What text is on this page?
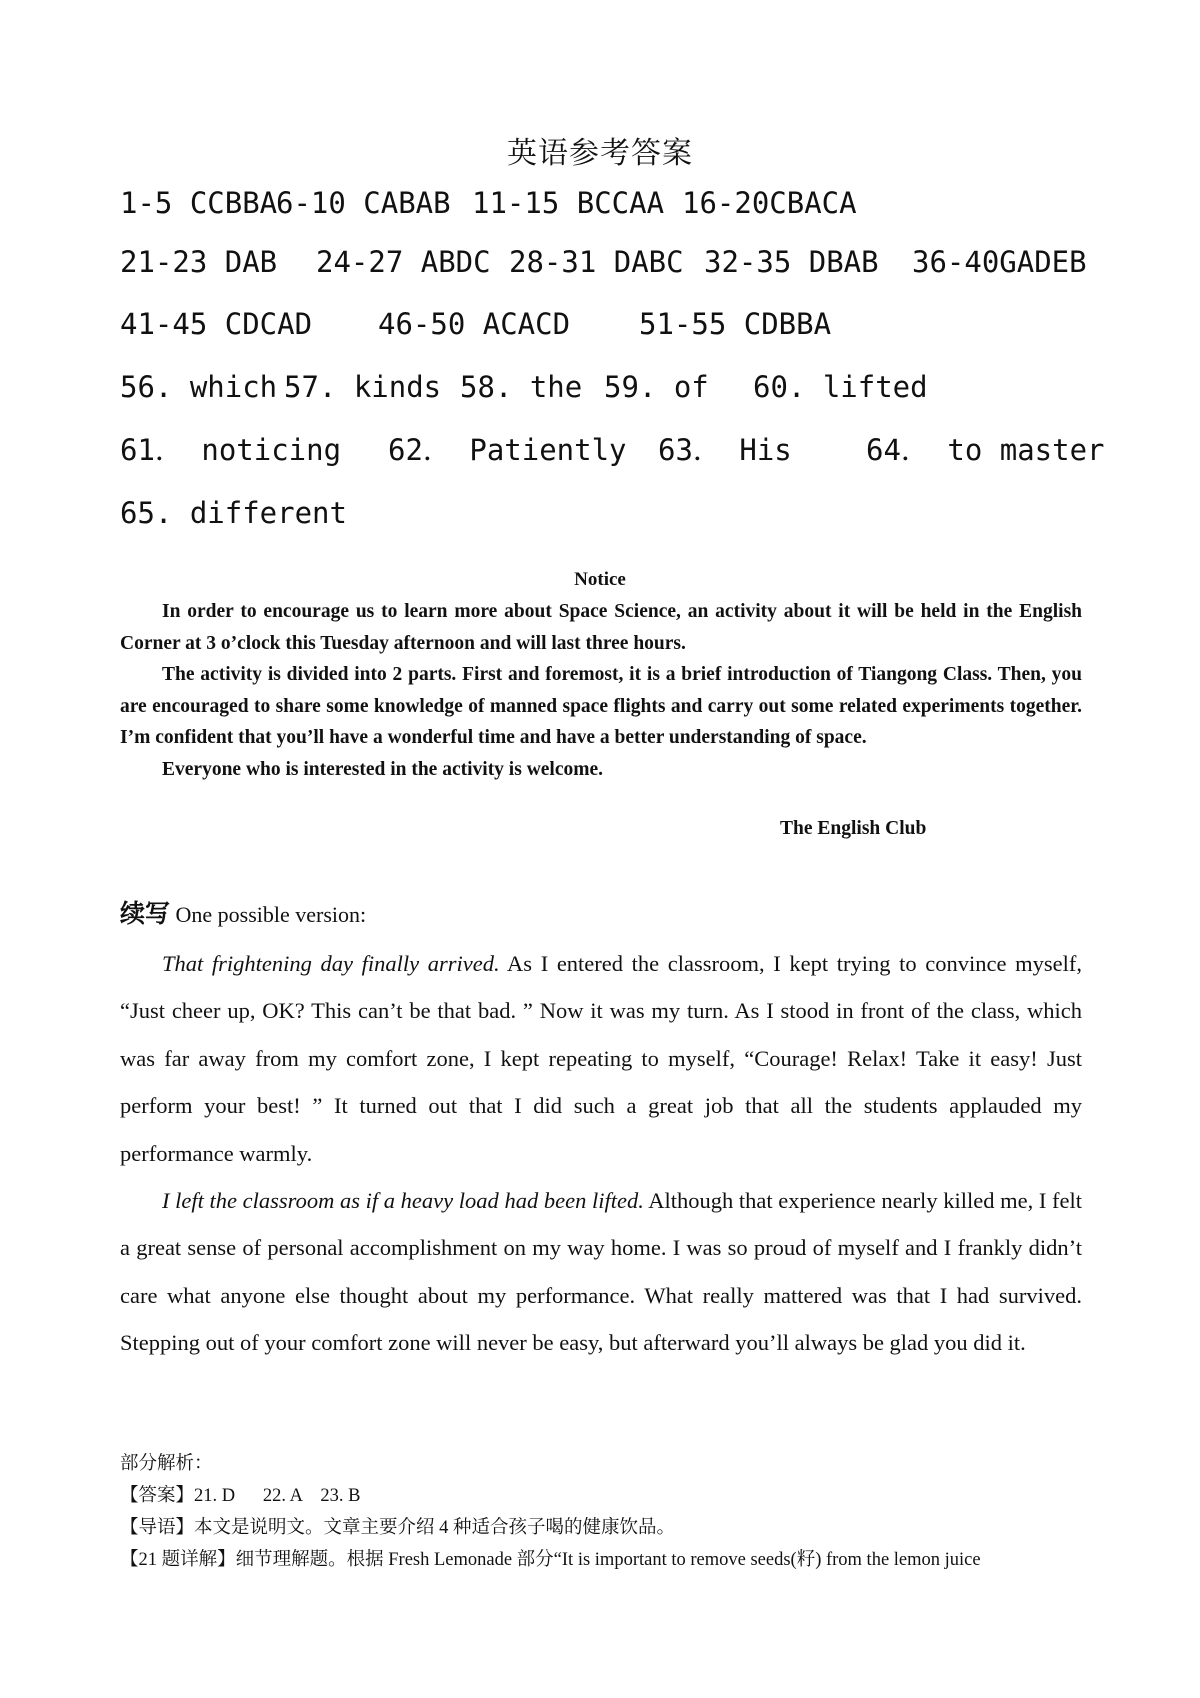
英语参考答案

1-5 CCBBA

6-10 CABAB

11-15 BCCAA

16-20CBACA

21-23 DAB

24-27 ABDC

28-31 DABC

32-35 DBAB

36-40GADEB

41-45 CDCAD

46-50 ACACD

51-55 CDBBA

56. which

57. kinds

58. the

59. of

60. lifted

61． noticing

62． Patiently

63． His

	64． to master

65. different

Notice

In order to encourage us to learn more about Space Science, an activity about it will be held in the English Corner at 3 o’clock this Tuesday afternoon and will last three hours.

The activity is divided into 2 parts. First and foremost, it is a brief introduction of Tiangong Class. Then, you are encouraged to share some knowledge of manned space flights and carry out some related experiments together. I’m confident that you’ll have a wonderful time and have a better understanding of space.

Everyone who is interested in the activity is welcome.

The English Club
续写 One possible version:

That frightening day finally arrived. As I entered the classroom, I kept trying to convince myself, “Just cheer up, OK? This can’t be that bad. ” Now it was my turn. As I stood in front of the class, which was far away from my comfort zone, I kept repeating to myself, “Courage! Relax! Take it easy! Just perform your best! ” It turned out that I did such a great job that all the students applauded my performance warmly.

I left the classroom as if a heavy load had been lifted. Although that experience nearly killed me, I felt a great sense of personal accomplishment on my way home. I was so proud of myself and I frankly didn’t care what anyone else thought about my performance. What really mattered was that I had survived. Stepping out of your comfort zone will never be easy, but afterward you’ll always be glad you did it.

部分解析：
【答案】21. D      22. A    23. B
【导语】本文是说明文。文章主要介绍 4 种适合孩子喝的健康饮品。
【21 题详解】细节理解题。根据 Fresh Lemonade 部分“It is important to remove seeds(籽) from the lemon juice
